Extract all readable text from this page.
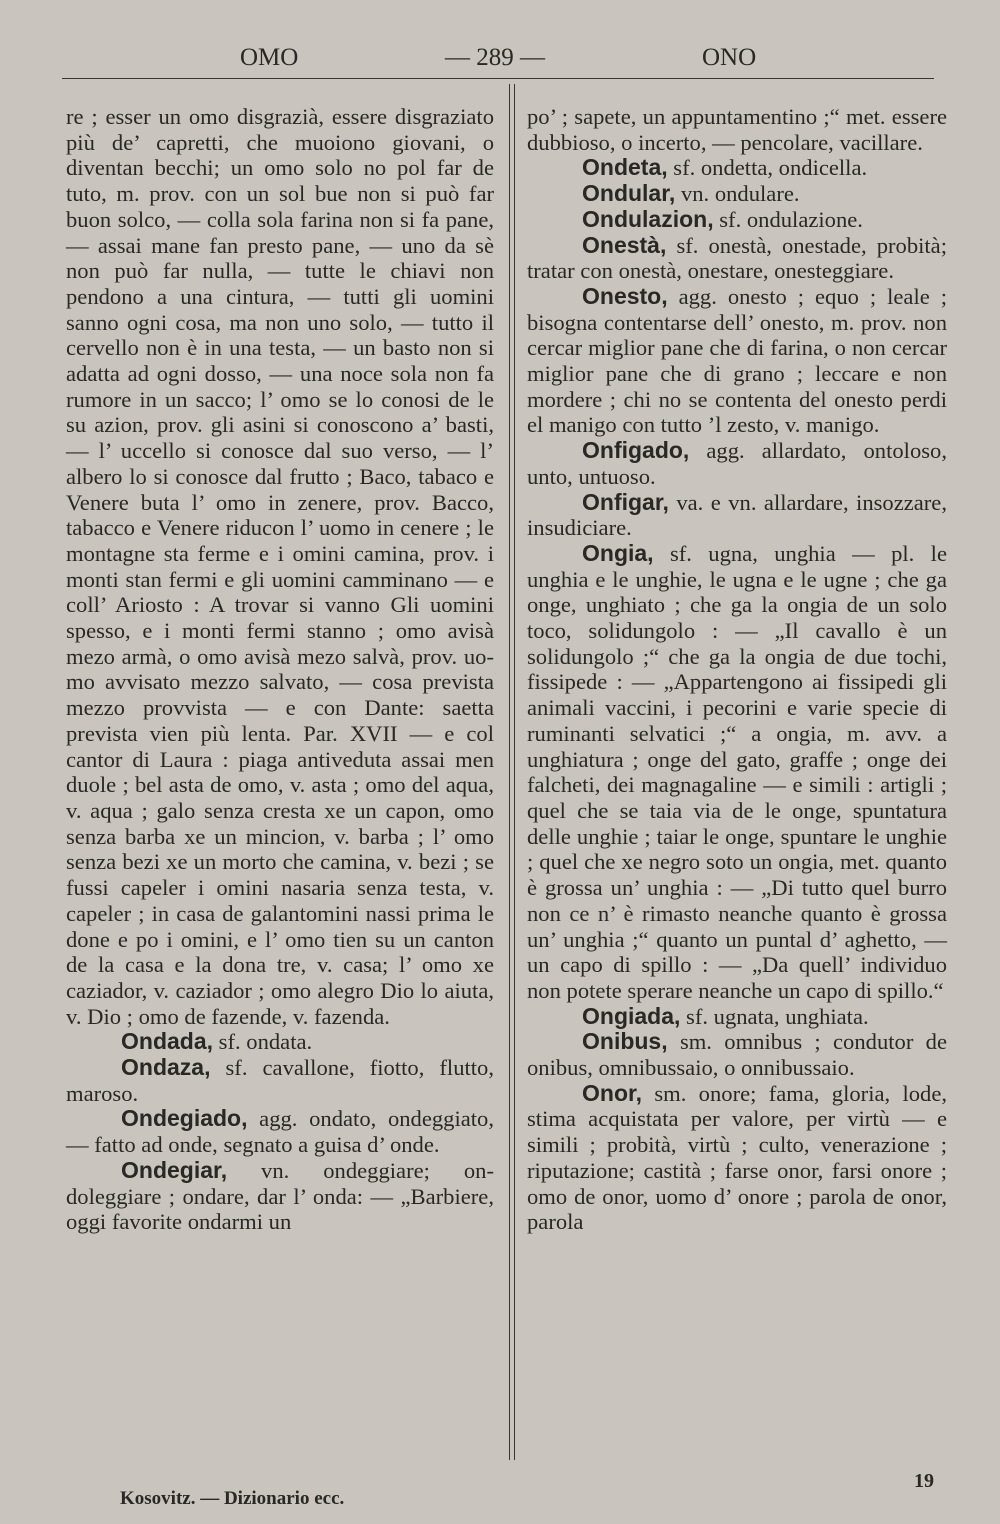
OMO	— 289 —	ONO

re ; esser un omo disgrazià, essere disgraziato più de’ capretti, che muoiono giovani, o diventan becchi; un omo solo no pol far de tuto, m. prov. con un sol bue non si può far buon solco, — colla sola farina non si fa pane, — assai mane fan presto pane, — uno da sè non può far nulla, — tutte le chiavi non pendono a una cintura, — tutti gli uomini sanno ogni cosa, ma non uno solo, — tutto il cervello non è in una testa, — un basto non si adatta ad ogni dosso, — una noce sola non fa rumore in un sacco; l’ omo se lo conosi de le su azion, prov. gli asini si conoscono a’ basti, — l’ uccello si conosce dal suo verso, — l’ albero lo si conosce dal frutto ; Baco, tabaco e Venere buta l’ omo in zenere, prov. Bacco, tabacco e Venere riducon l’ uomo in cenere ; le montagne sta ferme e i omini camina, prov. i monti stan fermi e gli uomini camminano — e coll’ Ariosto : A trovar si vanno Gli uomini spesso, e i monti fermi stanno ; omo avisà mezo armà, o omo avisà mezo salvà, prov. uomo avvisato mezzo salvato, — cosa prevista mezzo provvista — e con Dante: saetta prevista vien più lenta. Par. XVII — e col cantor di Laura : piaga antiveduta assai men duole ; bel asta de omo, v. asta ; omo del aqua, v. aqua ; galo senza cresta xe un capon, omo senza barba xe un mincion, v. barba ; l’ omo senza bezi xe un morto che camina, v. bezi ; se fussi capeler i omini nasaria senza testa, v. capeler ; in casa de galantomini nassi prima le done e po i omini, e l’ omo tien su un canton de la casa e la dona tre, v. casa; l’ omo xe caziador, v. caziador ; omo alegro Dio lo aiuta, v. Dio ; omo de fazende, v. fazenda.

Ondada, sf. ondata.

Ondaza, sf. cavallone, fiotto, flutto, maroso.

Ondegiado, agg. ondato, ondeggiato, — fatto ad onde, segnato a guisa d’ onde.

Ondegiar, vn. ondeggiare; ondoleggiare ; ondare, dar l’ onda: — „Barbiere, oggi favorite ondarmi un

po’ ; sapete, un appuntamentino ;“ met. essere dubbioso, o incerto, — pencolare, vacillare.

Ondeta, sf. ondetta, ondicella.

Ondular, vn. ondulare.

Ondulazion, sf. ondulazione.

Onestà, sf. onestà, onestade, probità; tratar con onestà, onestare, onesteggiare.

Onesto, agg. onesto ; equo ; leale ; bisogna contentarse dell’ onesto, m. prov. non cercar miglior pane che di farina, o non cercar miglior pane che di grano ; leccare e non mordere ; chi no se contenta del onesto perdi el manigo con tutto ’l zesto, v. manigo.

Onfigado, agg. allardato, ontoloso, unto, untuoso.

Onfigar, va. e vn. allardare, insozzare, insudiciare.

Ongia, sf. ugna, unghia — pl. le unghia e le unghie, le ugna e le ugne ; che ga onge, unghiato ; che ga la ongia de un solo toco, solidungolo : — „Il cavallo è un solidungolo ;“ che ga la ongia de due tochi, fissipede : — „Appartengono ai fissipedi gli animali vaccini, i pecorini e varie specie di ruminanti selvatici ;“ a ongia, m. avv. a unghiatura ; onge del gato, graffe ; onge dei falcheti, dei magnagaline — e simili : artigli ; quel che se taia via de le onge, spuntatura delle unghie ; taiar le onge, spuntare le unghie ; quel che xe negro soto un ongia, met. quanto è grossa un’ unghia : — „Di tutto quel burro non ce n’ è rimasto neanche quanto è grossa un’ unghia ;“ quanto un puntal d’ aghetto, — un capo di spillo : — „Da quell’ individuo non potete sperare neanche un capo di spillo.“

Ongiada, sf. ugnata, unghiata.

Onibus, sm. omnibus ; condutor de onibus, omnibussaio, o onnibussaio.

Onor, sm. onore; fama, gloria, lode, stima acquistata per valore, per virtù — e simili ; probità, virtù ; culto, venerazione ; riputazione; castità ; farse onor, farsi onore ; omo de onor, uomo d’ onore ; parola de onor, parola

Kosovitz. — Dizionario ecc.
19
